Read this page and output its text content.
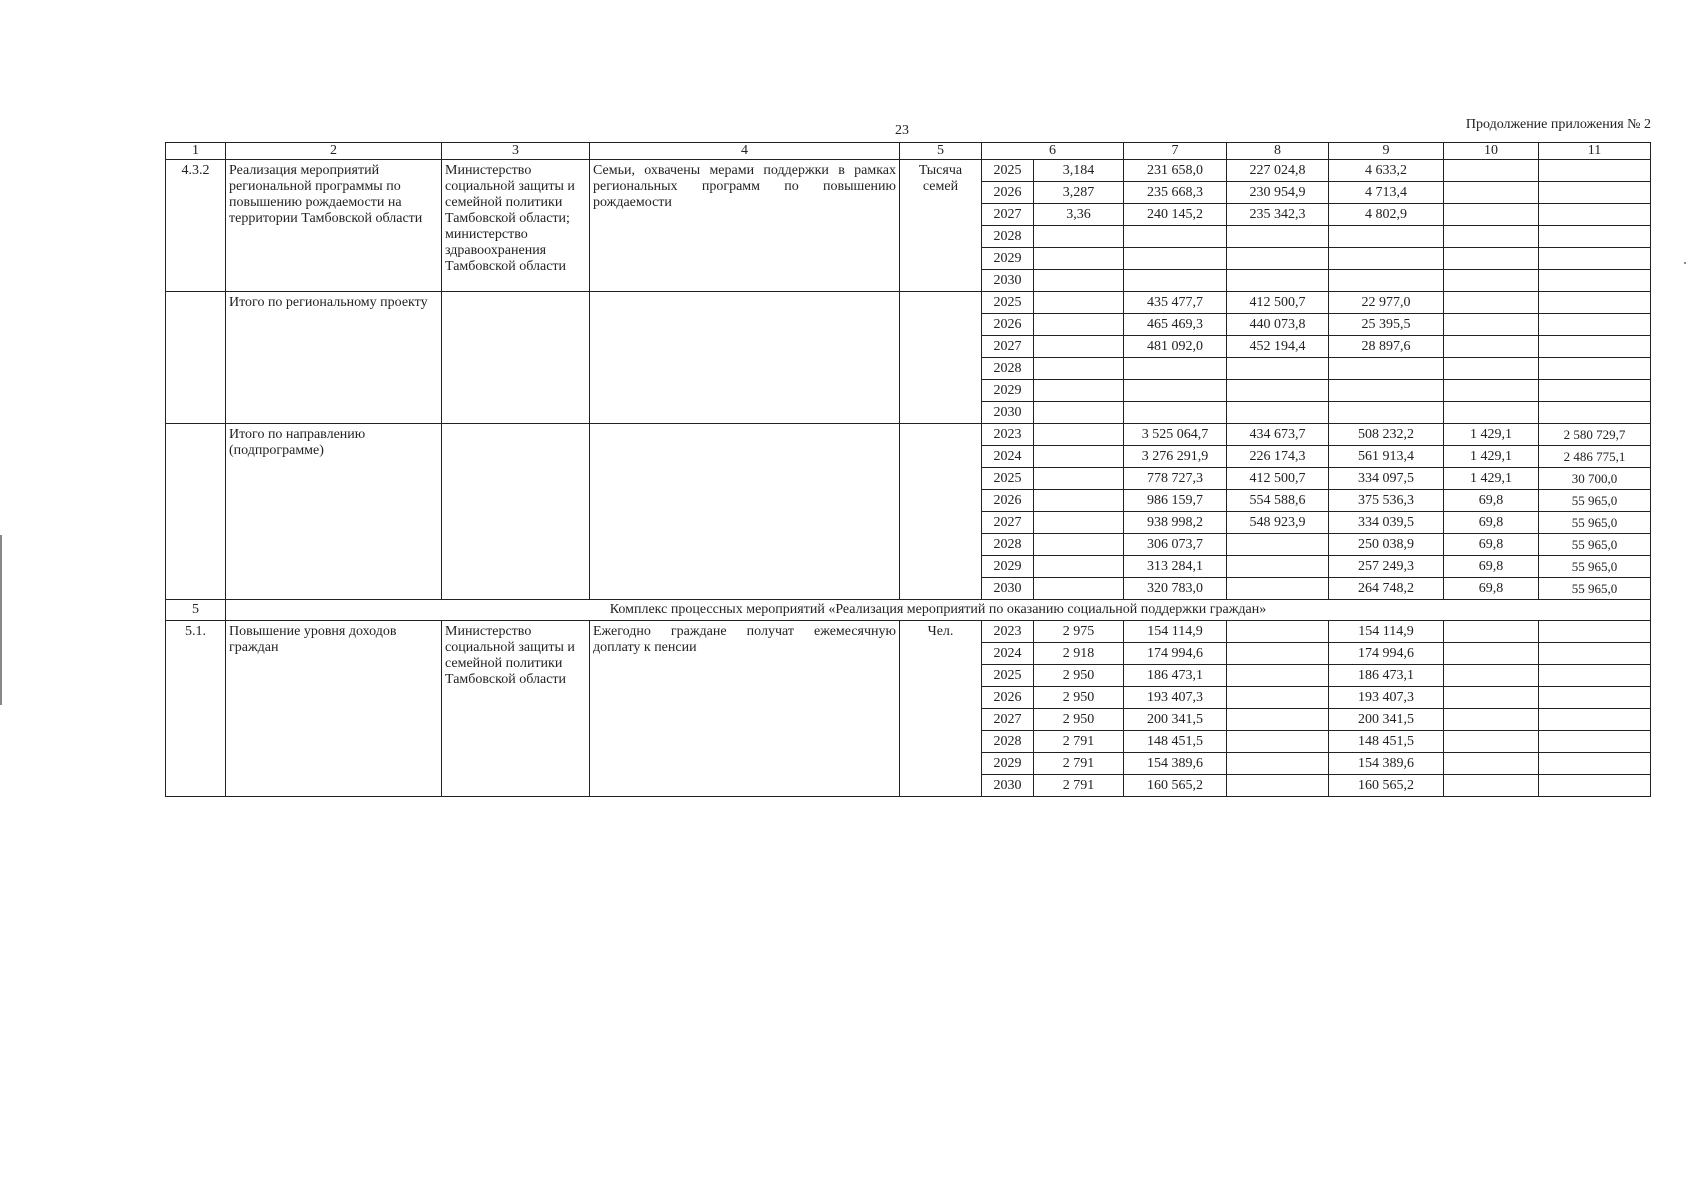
23	Продолжение приложения № 2
1	2	3	4	5	6		7	8	9	10	11
4.3.2	Реализация мероприятий региональной программы по повышению рождаемости на территории Тамбовской области	Министерство социальной защиты и семейной политики Тамбовской области; министерство здравоохранения Тамбовской области	Семьи, охвачены мерами поддержки в рамках региональных программ по повышению рождаемости	Тысяча семей	2025	3,184	231 658,0	227 024,8	4 633,2		
					2026	3,287	235 668,3	230 954,9	4 713,4		
					2027	3,36	240 145,2	235 342,3	4 802,9		
					2028						
					2029						
					2030						
	Итого по региональному проекту				2025		435 477,7	412 500,7	22 977,0		
					2026		465 469,3	440 073,8	25 395,5		
					2027		481 092,0	452 194,4	28 897,6		
					2028						
					2029						
					2030						
	Итого по направлению (подпрограмме)				2023		3 525 064,7	434 673,7	508 232,2	1 429,1	2 580 729,7
					2024		3 276 291,9	226 174,3	561 913,4	1 429,1	2 486 775,1
					2025		778 727,3	412 500,7	334 097,5	1 429,1	30 700,0
					2026		986 159,7	554 588,6	375 536,3	69,8	55 965,0
					2027		938 998,2	548 923,9	334 039,5	69,8	55 965,0
					2028		306 073,7		250 038,9	69,8	55 965,0
					2029		313 284,1		257 249,3	69,8	55 965,0
					2030		320 783,0		264 748,2	69,8	55 965,0
5	Комплекс процессных мероприятий «Реализация мероприятий по оказанию социальной поддержки граждан»										
5.1.	Повышение уровня доходов граждан	Министерство социальной защиты и семейной политики Тамбовской области	Ежегодно граждане получат ежемесячную доплату к пенсии	Чел.	2023	2 975	154 114,9		154 114,9		
					2024	2 918	174 994,6		174 994,6		
					2025	2 950	186 473,1		186 473,1		
					2026	2 950	193 407,3		193 407,3		
					2027	2 950	200 341,5		200 341,5		
					2028	2 791	148 451,5		148 451,5		
					2029	2 791	154 389,6		154 389,6		
					2030	2 791	160 565,2		160 565,2		
